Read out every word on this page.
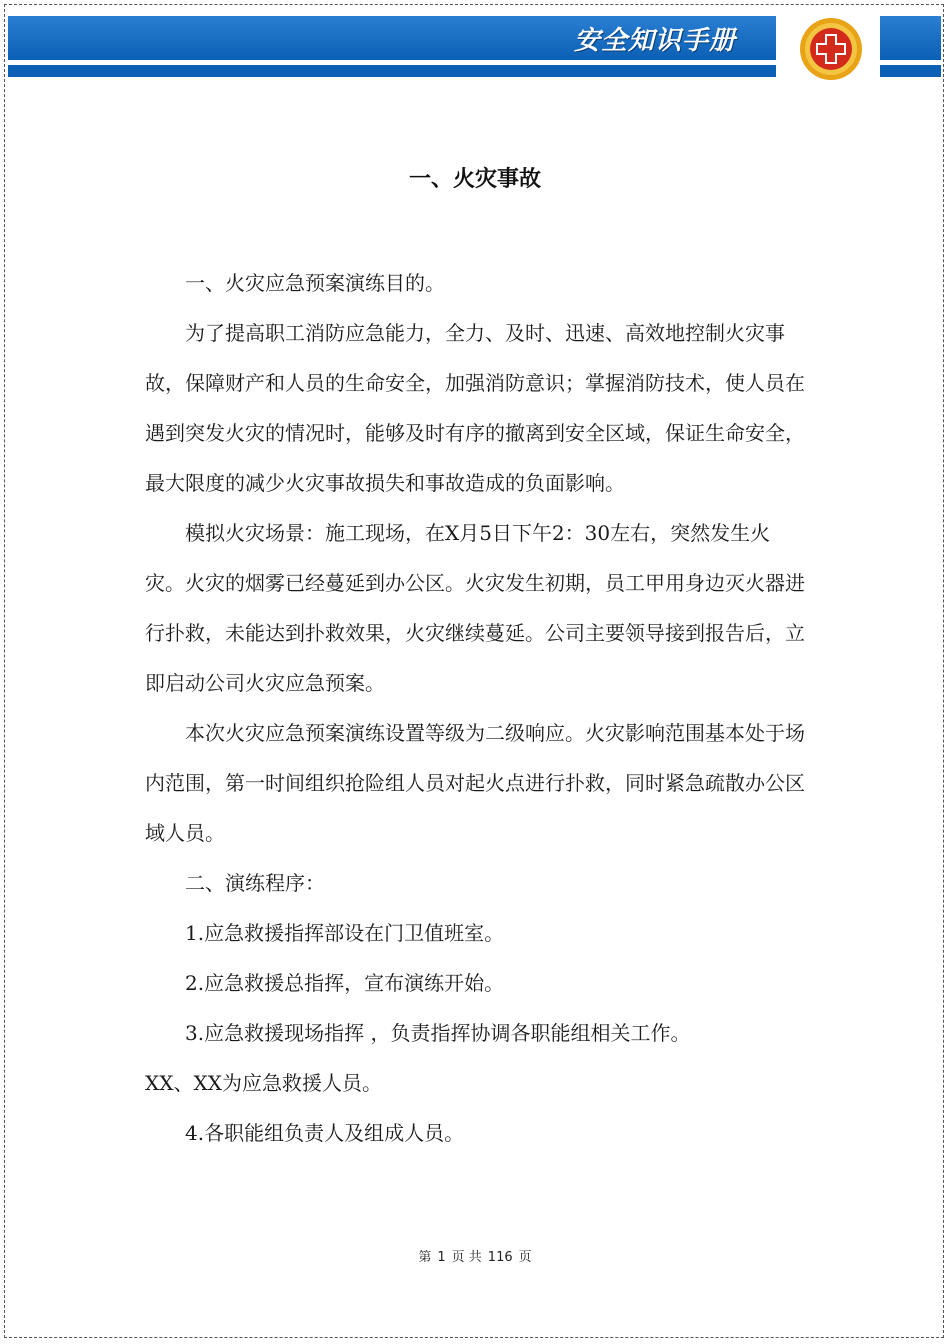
安全知识手册
一、火灾事故

一、火灾应急预案演练目的。

为了提高职工消防应急能力，全力、及时、迅速、高效地控制火灾事故，保障财产和人员的生命安全，加强消防意识；掌握消防技术，使人员在遇到突发火灾的情况时，能够及时有序的撤离到安全区域，保证生命安全，最大限度的减少火灾事故损失和事故造成的负面影响。

模拟火灾场景：施工现场，在X月5日下午2：30左右，突然发生火灾。火灾的烟雾已经蔓延到办公区。火灾发生初期，员工甲用身边灭火器进行扑救，未能达到扑救效果，火灾继续蔓延。公司主要领导接到报告后，立即启动公司火灾应急预案。

本次火灾应急预案演练设置等级为二级响应。火灾影响范围基本处于场内范围，第一时间组织抢险组人员对起火点进行扑救，同时紧急疏散办公区域人员。

二、演练程序：

1.应急救援指挥部设在门卫值班室。

2.应急救援总指挥，宣布演练开始。

3.应急救援现场指挥 ，负责指挥协调各职能组相关工作。

XX、XX为应急救援人员。

4.各职能组负责人及组成人员。

第 1 页 共 116 页
